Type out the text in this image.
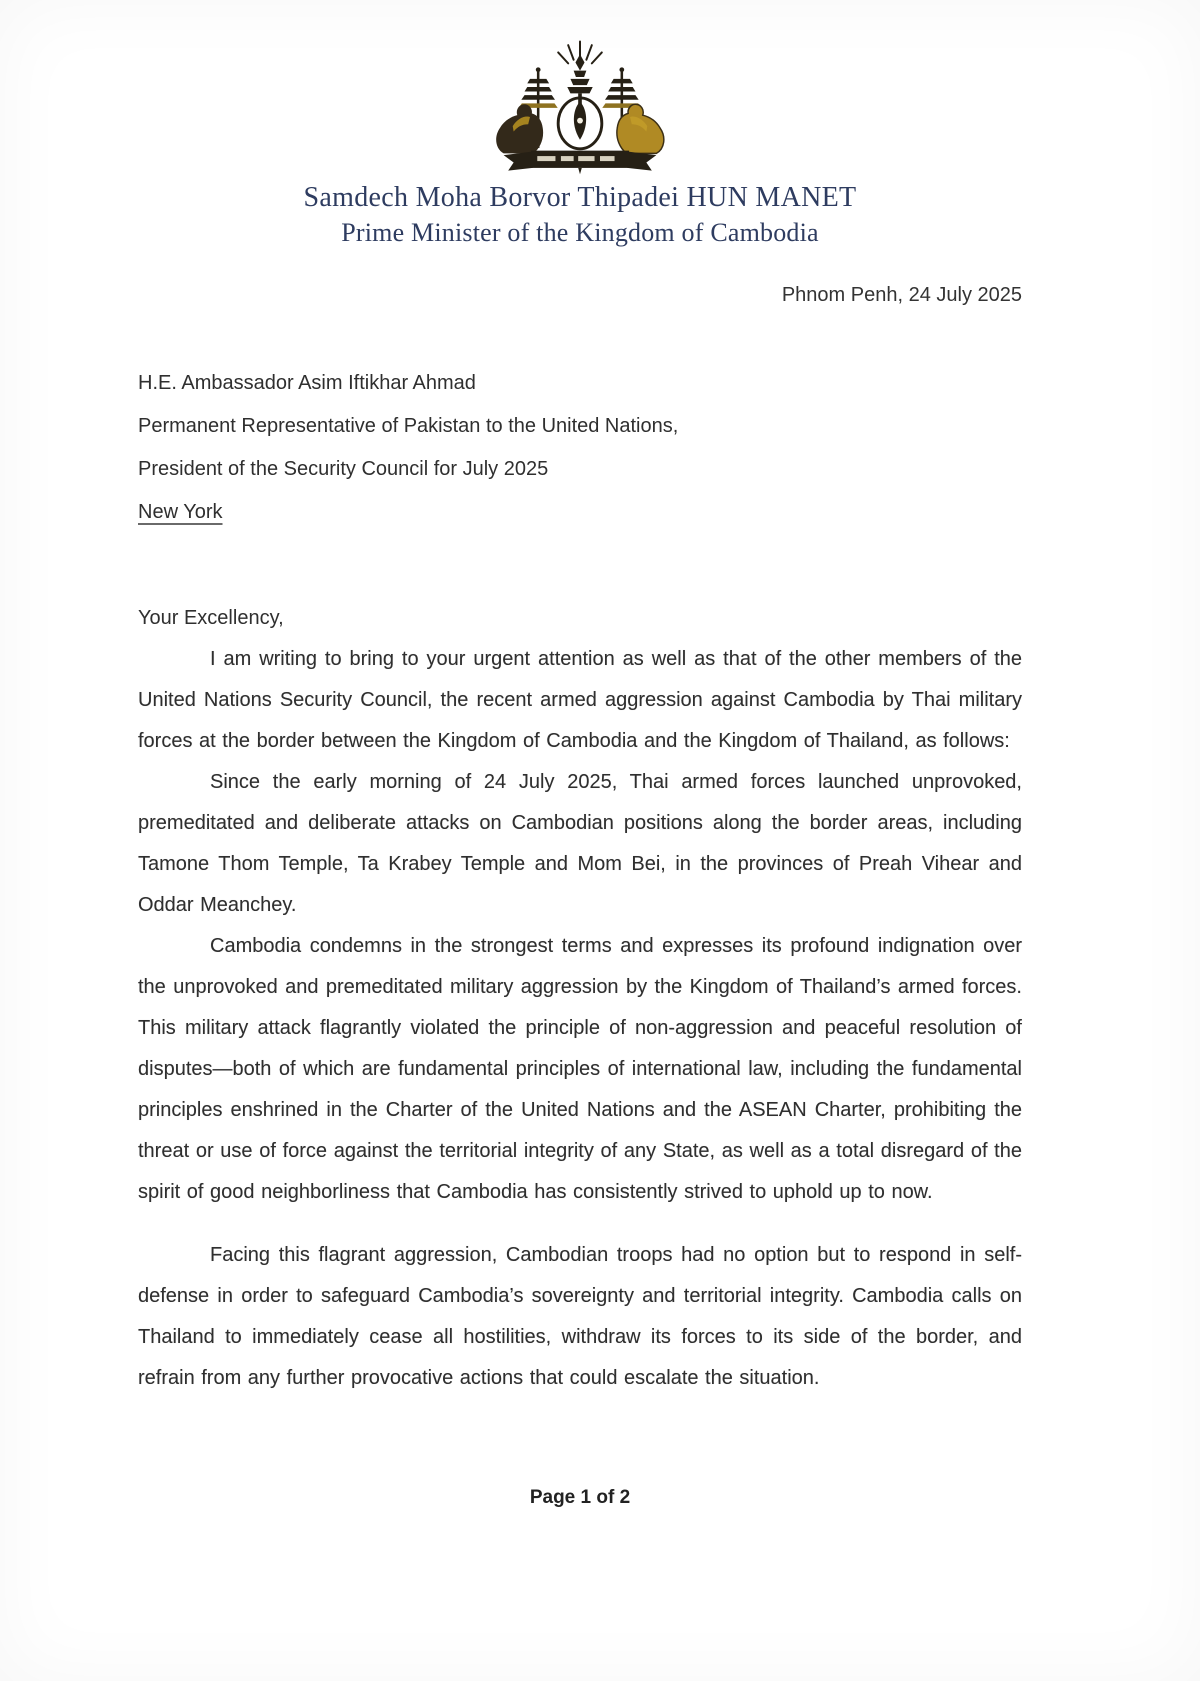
Samdech Moha Borvor Thipadei HUN MANET
Prime Minister of the Kingdom of Cambodia
Phnom Penh, 24 July 2025
H.E. Ambassador Asim Iftikhar Ahmad
Permanent Representative of Pakistan to the United Nations,
President of the Security Council for July 2025
New York
Your Excellency,

I am writing to bring to your urgent attention as well as that of the other members of the United Nations Security Council, the recent armed aggression against Cambodia by Thai military forces at the border between the Kingdom of Cambodia and the Kingdom of Thailand, as follows:

Since the early morning of 24 July 2025, Thai armed forces launched unprovoked, premeditated and deliberate attacks on Cambodian positions along the border areas, including Tamone Thom Temple, Ta Krabey Temple and Mom Bei, in the provinces of Preah Vihear and Oddar Meanchey.

Cambodia condemns in the strongest terms and expresses its profound indignation over the unprovoked and premeditated military aggression by the Kingdom of Thailand’s armed forces. This military attack flagrantly violated the principle of non-aggression and peaceful resolution of disputes—both of which are fundamental principles of international law, including the fundamental principles enshrined in the Charter of the United Nations and the ASEAN Charter, prohibiting the threat or use of force against the territorial integrity of any State, as well as a total disregard of the spirit of good neighborliness that Cambodia has consistently strived to uphold up to now.

Facing this flagrant aggression, Cambodian troops had no option but to respond in self-defense in order to safeguard Cambodia’s sovereignty and territorial integrity. Cambodia calls on Thailand to immediately cease all hostilities, withdraw its forces to its side of the border, and refrain from any further provocative actions that could escalate the situation.

Page 1 of 2
